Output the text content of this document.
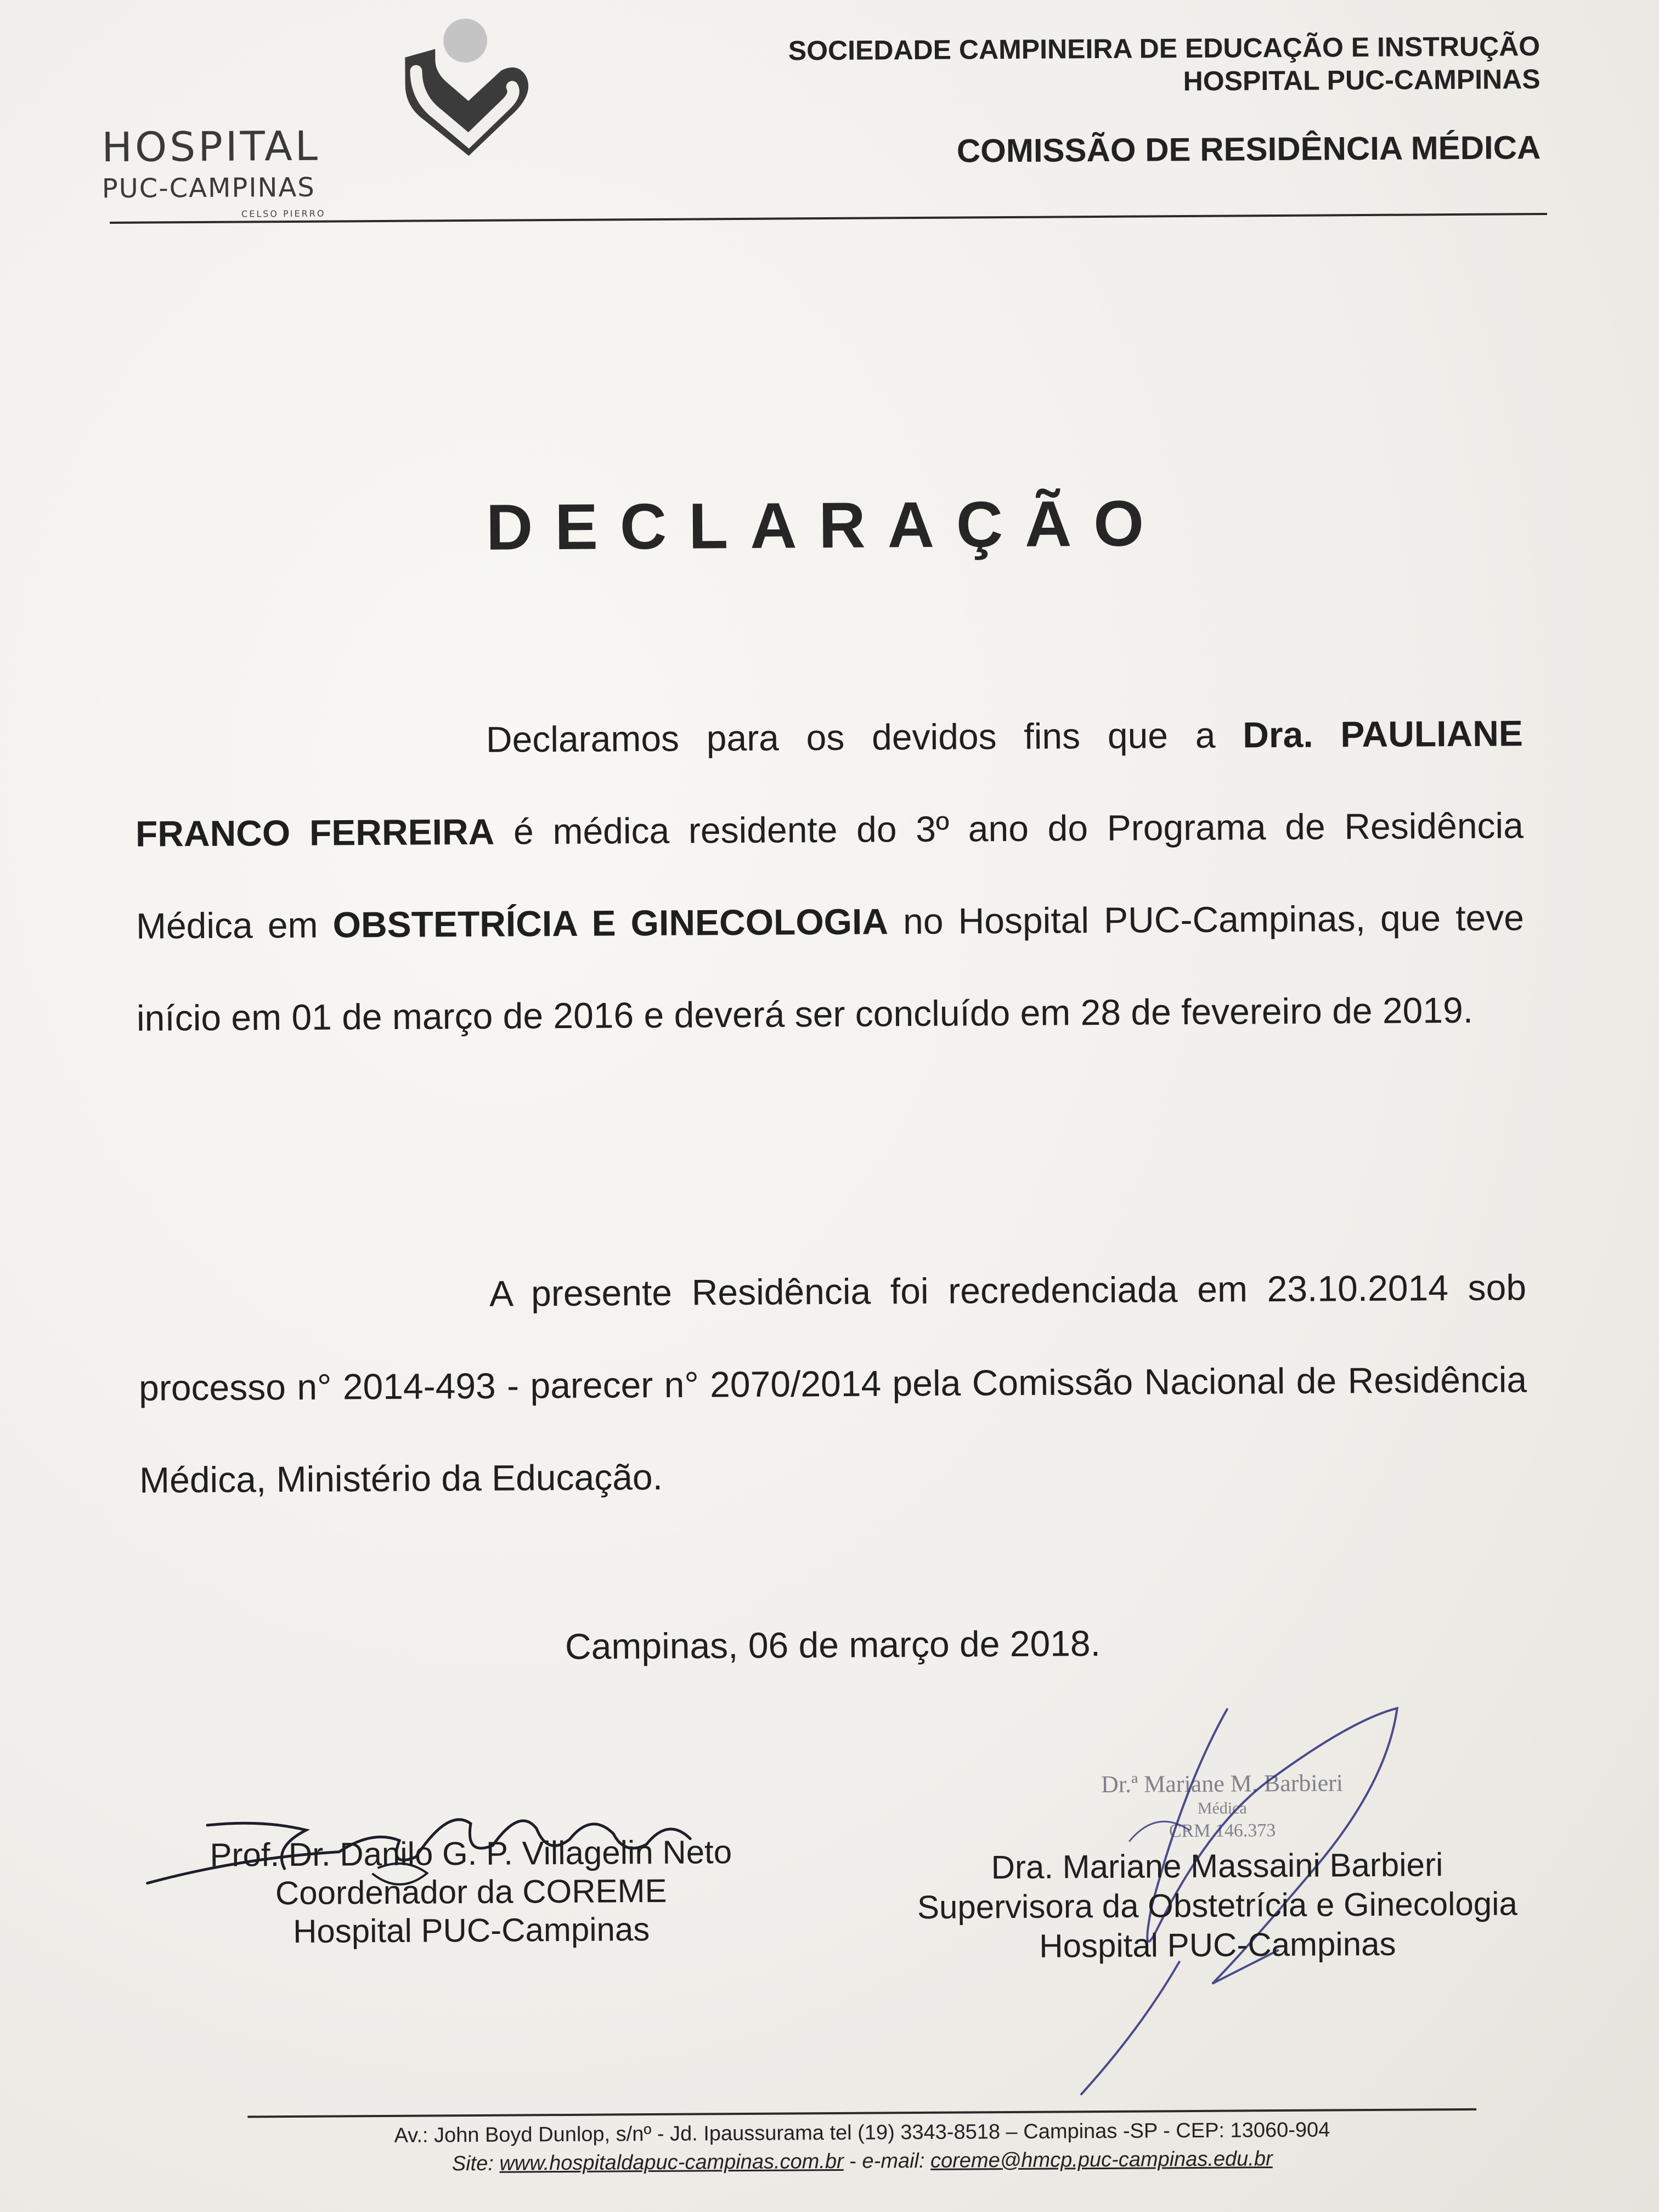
HOSPITAL
PUC-CAMPINAS
CELSO PIERRO
SOCIEDADE CAMPINEIRA DE EDUCAÇÃO E INSTRUÇÃO
HOSPITAL PUC-CAMPINAS
COMISSÃO DE RESIDÊNCIA MÉDICA
DECLARAÇÃO
Declaramos para os devidos fins que a Dra. PAULIANE FRANCO FERREIRA é médica residente do 3º ano do Programa de Residência Médica em OBSTETRÍCIA E GINECOLOGIA no Hospital PUC-Campinas, que teve início em 01 de março de 2016 e deverá ser concluído em 28 de fevereiro de 2019.
A presente Residência foi recredenciada em 23.10.2014 sob processo n° 2014-493 - parecer n° 2070/2014 pela Comissão Nacional de Residência Médica, Ministério da Educação.
Campinas, 06 de março de 2018.
Prof. Dr. Danilo G. P. Villagelin Neto
Coordenador da COREME
Hospital PUC-Campinas
Dr.ª Mariane M. Barbieri
Médica
CRM 146.373
Dra. Mariane Massaini Barbieri
Supervisora da Obstetrícia e Ginecologia
Hospital PUC-Campinas
Av.: John Boyd Dunlop, s/nº - Jd. Ipaussurama tel (19) 3343-8518 – Campinas -SP - CEP: 13060-904
Site: www.hospitaldapuc-campinas.com.br - e-mail: coreme@hmcp.puc-campinas.edu.br
